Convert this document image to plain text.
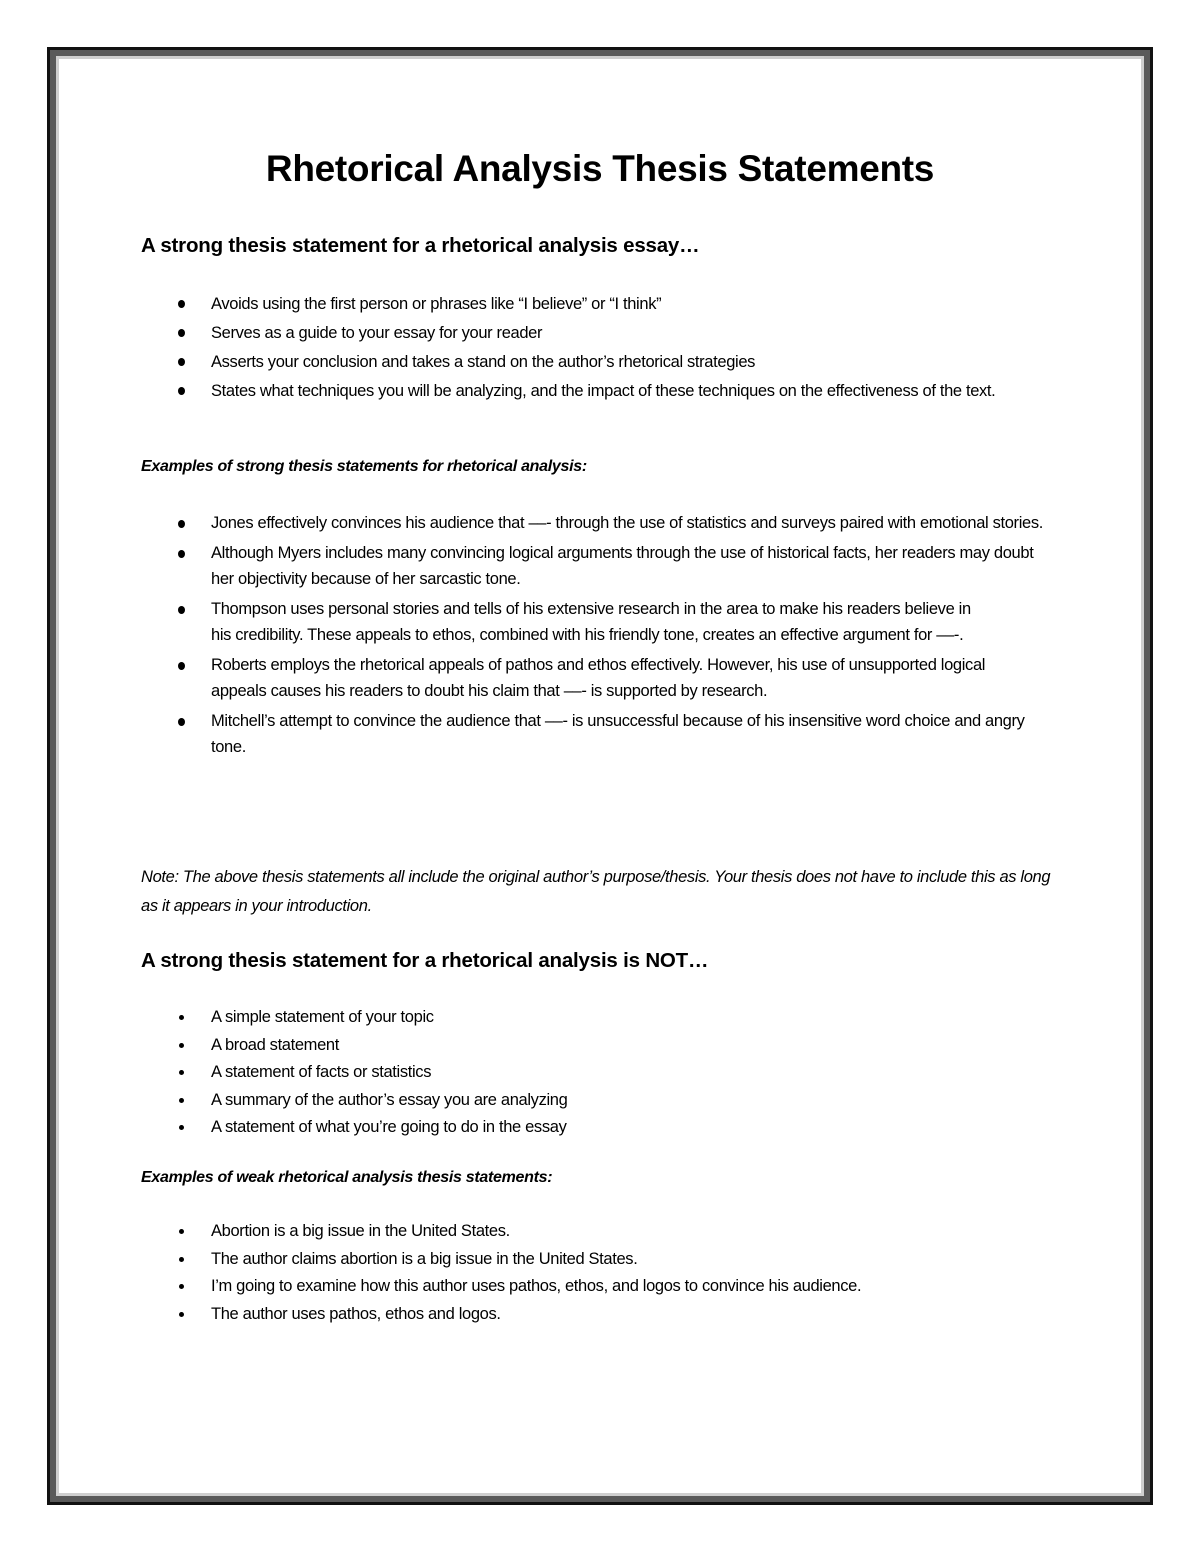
Rhetorical Analysis Thesis Statements
A strong thesis statement for a rhetorical analysis essay…
Avoids using the first person or phrases like “I believe” or “I think”
Serves as a guide to your essay for your reader
Asserts your conclusion and takes a stand on the author’s rhetorical strategies
States what techniques you will be analyzing, and the impact of these techniques on the effectiveness of the text.
Examples of strong thesis statements for rhetorical analysis:
Jones effectively convinces his audience that ––- through the use of statistics and surveys paired with emotional stories.
Although Myers includes many convincing logical arguments through the use of historical facts, her readers may doubt her objectivity because of her sarcastic tone.
Thompson uses personal stories and tells of his extensive research in the area to make his readers believe in his credibility. These appeals to ethos, combined with his friendly tone, creates an effective argument for ––-.
Roberts employs the rhetorical appeals of pathos and ethos effectively. However, his use of unsupported logical appeals causes his readers to doubt his claim that ––- is supported by research.
Mitchell’s attempt to convince the audience that ––- is unsuccessful because of his insensitive word choice and angry tone.
Note: The above thesis statements all include the original author’s purpose/thesis. Your thesis does not have to include this as long as it appears in your introduction.
A strong thesis statement for a rhetorical analysis is NOT…
A simple statement of your topic
A broad statement
A statement of facts or statistics
A summary of the author’s essay you are analyzing
A statement of what you’re going to do in the essay
Examples of weak rhetorical analysis thesis statements:
Abortion is a big issue in the United States.
The author claims abortion is a big issue in the United States.
I’m going to examine how this author uses pathos, ethos, and logos to convince his audience.
The author uses pathos, ethos and logos.
